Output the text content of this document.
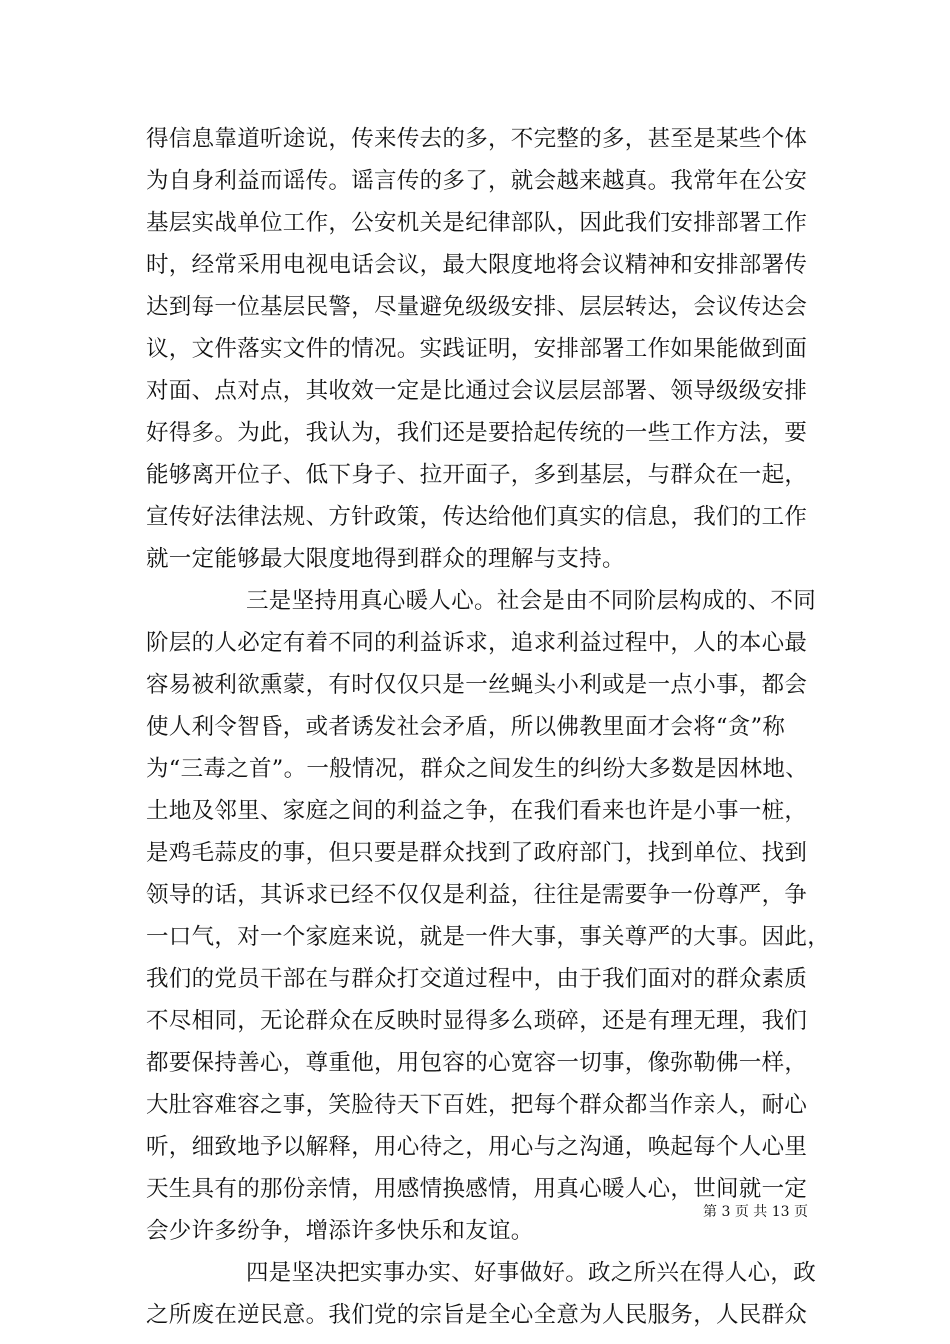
得信息靠道听途说，传来传去的多，不完整的多，甚至是某些个体
为自身利益而谣传。谣言传的多了，就会越来越真。我常年在公安
基层实战单位工作，公安机关是纪律部队，因此我们安排部署工作
时，经常采用电视电话会议，最大限度地将会议精神和安排部署传
达到每一位基层民警，尽量避免级级安排、层层转达，会议传达会
议，文件落实文件的情况。实践证明，安排部署工作如果能做到面
对面、点对点，其收效一定是比通过会议层层部署、领导级级安排
好得多。为此，我认为，我们还是要拾起传统的一些工作方法，要
能够离开位子、低下身子、拉开面子，多到基层，与群众在一起，
宣传好法律法规、方针政策，传达给他们真实的信息，我们的工作
就一定能够最大限度地得到群众的理解与支持。
三是坚持用真心暖人心。社会是由不同阶层构成的、不同
阶层的人必定有着不同的利益诉求，追求利益过程中，人的本心最
容易被利欲熏蒙，有时仅仅只是一丝蝇头小利或是一点小事，都会
使人利令智昏，或者诱发社会矛盾，所以佛教里面才会将“贪”称
为“三毒之首”。一般情况，群众之间发生的纠纷大多数是因林地、
土地及邻里、家庭之间的利益之争，在我们看来也许是小事一桩，
是鸡毛蒜皮的事，但只要是群众找到了政府部门，找到单位、找到
领导的话，其诉求已经不仅仅是利益，往往是需要争一份尊严，争
一口气，对一个家庭来说，就是一件大事，事关尊严的大事。因此，
我们的党员干部在与群众打交道过程中，由于我们面对的群众素质
不尽相同，无论群众在反映时显得多么琐碎，还是有理无理，我们
都要保持善心，尊重他，用包容的心宽容一切事，像弥勒佛一样，
大肚容难容之事，笑脸待天下百姓，把每个群众都当作亲人，耐心
听，细致地予以解释，用心待之，用心与之沟通，唤起每个人心里
天生具有的那份亲情，用感情换感情，用真心暖人心，世间就一定
会少许多纷争，增添许多快乐和友谊。
四是坚决把实事办实、好事做好。政之所兴在得人心，政
之所废在逆民意。我们党的宗旨是全心全意为人民服务，人民群众
第 3 页 共 13 页
